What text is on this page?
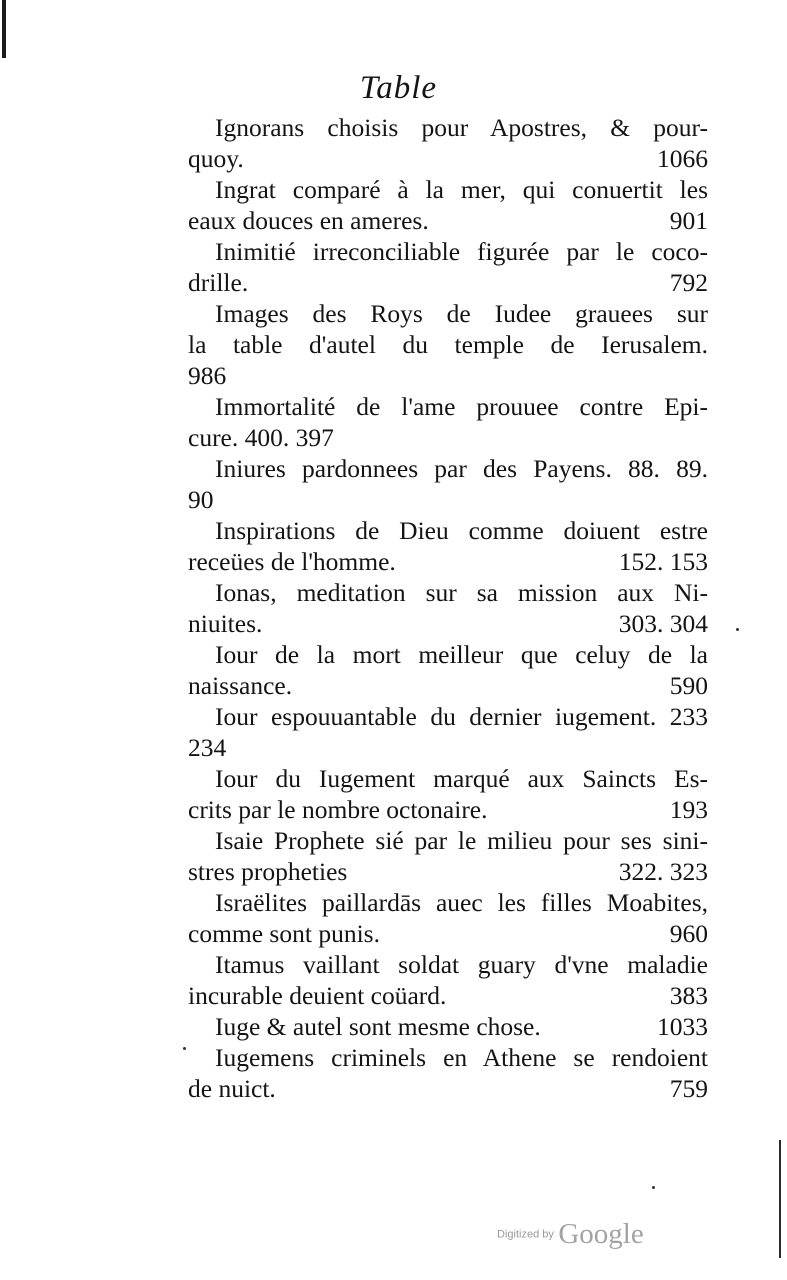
Table
Ignorans choisis pour Apostres, & pour-
quoy.	1066
Ingrat comparé à la mer, qui conuertit les
eaux douces en ameres.	901
Inimitié irreconciliable figurée par le coco-
drille.	792
Images des Roys de Iudee grauees sur
la table d'autel du temple de Ierusalem.
986
Immortalité de l'ame prouuee contre Epi-
cure. 400. 397
Iniures pardonnees par des Payens. 88. 89.
90
Inspirations de Dieu comme doiuent estre
receües de l'homme.	152. 153
Ionas, meditation sur sa mission aux Ni-
niuites.	303. 304
Iour de la mort meilleur que celuy de la
naissance.	590
Iour espouuantable du dernier iugement. 233
234
Iour du Iugement marqué aux Saincts Es-
crits par le nombre octonaire.	193
Isaie Prophete sié par le milieu pour ses sini-
stres propheties	322. 323
Israëlites paillardās auec les filles Moabites,
comme sont punis.	960
Itamus vaillant soldat guary d'vne maladie
incurable deuient coüard.	383
Iuge & autel sont mesme chose.	1033
Iugemens criminels en Athene se rendoient
de nuict.	759
Digitized by Google
